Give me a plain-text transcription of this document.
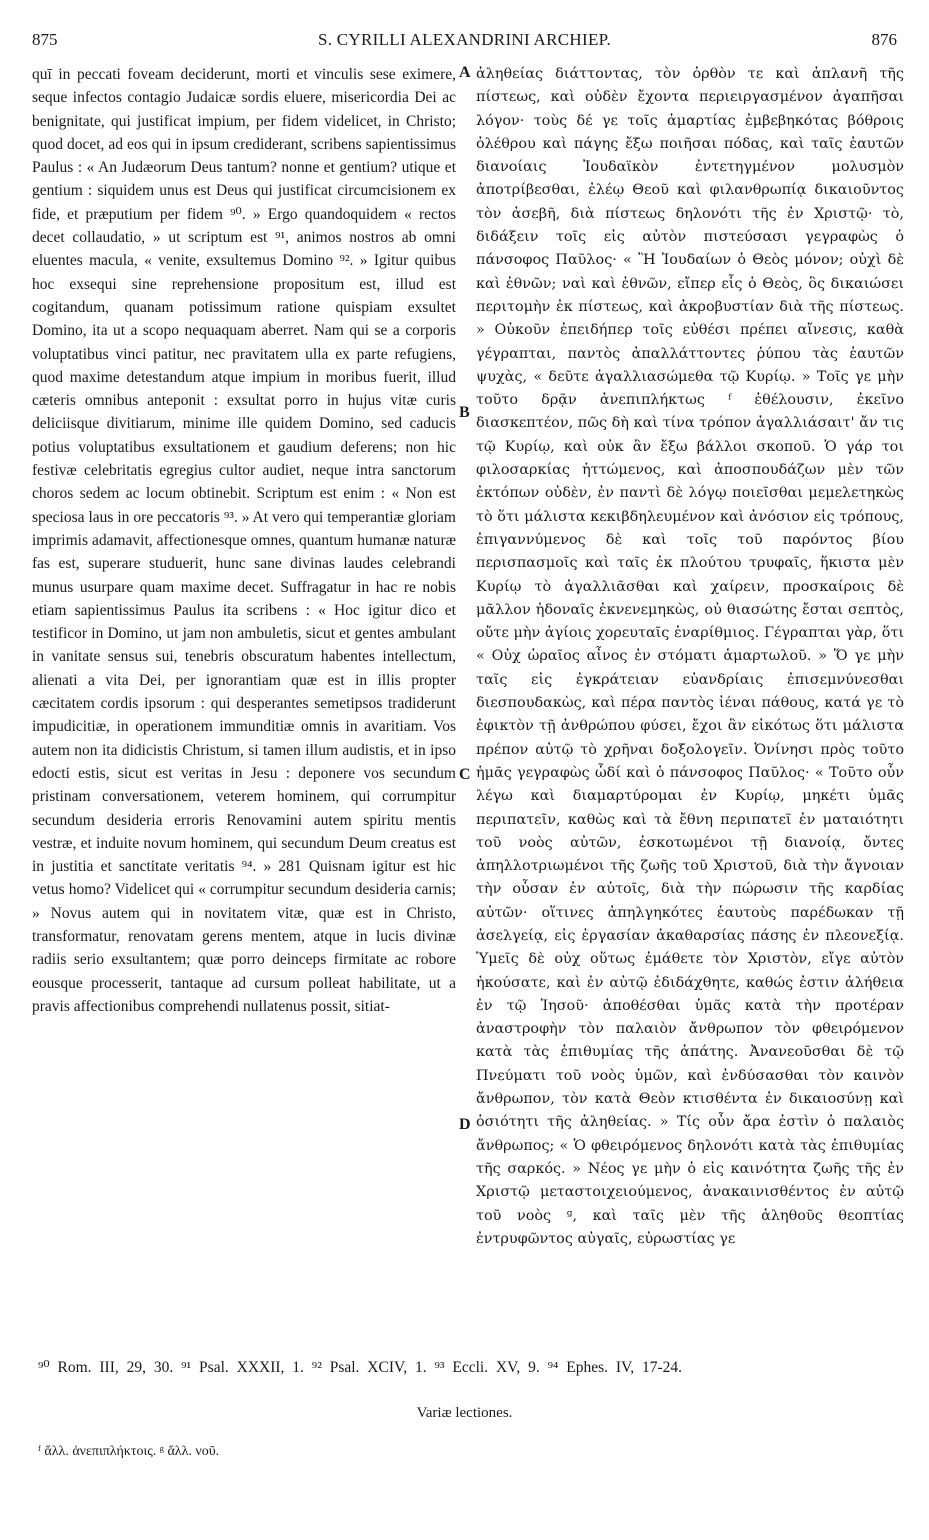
875	S. CYRILLI ALEXANDRINI ARCHIEP.	876

quī in peccati foveam deciderunt, morti et vinculis sese eximere, seque infectos contagio Judaicæ sordis eluere, misericordia Dei ac benignitate, qui justificat impium, per fidem videlicet, in Christo; quod docet, ad eos qui in ipsum crediderant, scribens sapientissimus Paulus : « An Judæorum Deus tantum? nonne et gentium? utique et gentium : siquidem unus est Deus qui justificat circumcisionem ex fide, et præputium per fidem ⁹⁰. » Ergo quandoquidem « rectos decet collaudatio, » ut scriptum est ⁹¹, animos nostros ab omni eluentes macula, « venite, exsultemus Domino ⁹². » Igitur quibus hoc exsequi sine reprehensione propositum est, illud est cogitandum, quanam potissimum ratione quispiam exsultet Domino, ita ut a scopo nequaquam aberret. Nam qui se a corporis voluptatibus vinci patitur, nec pravitatem ulla ex parte refugiens, quod maxime detestandum atque impium in moribus fuerit, illud cæteris omnibus anteponit : exsultat porro in hujus vitæ curis deliciisque divitiarum, minime ille quidem Domino, sed caducis potius voluptatibus exsultationem et gaudium deferens; non hic festivæ celebritatis egregius cultor audiet, neque intra sanctorum choros sedem ac locum obtinebit. Scriptum est enim : « Non est speciosa laus in ore peccatoris ⁹³. » At vero qui temperantiæ gloriam imprimis adamavit, affectionesque omnes, quantum humanæ naturæ fas est, superare studuerit, hunc sane divinas laudes celebrandi munus usurpare quam maxime decet. Suffragatur in hac re nobis etiam sapientissimus Paulus ita scribens : « Hoc igitur dico et testificor in Domino, ut jam non ambuletis, sicut et gentes ambulant in vanitate sensus sui, tenebris obscuratum habentes intellectum, alienati a vita Dei, per ignorantiam quæ est in illis propter cæcitatem cordis ipsorum : qui desperantes semetipsos tradiderunt impudicitiæ, in operationem immunditiæ omnis in avaritiam. Vos autem non ita didicistis Christum, si tamen illum audistis, et in ipso edocti estis, sicut est veritas in Jesu : deponere vos secundum pristinam conversationem, veterem hominem, qui corrumpitur secundum desideria erroris Renovamini autem spiritu mentis vestræ, et induite novum hominem, qui secundum Deum creatus est in justitia et sanctitate veritatis ⁹⁴. » 281 Quisnam igitur est hic vetus homo? Videlicet qui « corrumpitur secundum desideria carnis; » Novus autem qui in novitatem vitæ, quæ est in Christo, transformatur, renovatam gerens mentem, atque in lucis divinæ radiis serio exsultantem; quæ porro deinceps firmitate ac robore eousque processerit, tantaque ad cursum polleat habilitate, ut a pravis affectionibus comprehendi nullatenus possit, sitiat-

ἀληθείας διάττοντας, τὸν ὀρθὸν τε καὶ ἀπλανῆ τῆς πίστεως, καὶ οὐδὲν ἔχοντα περιειργασμένον ἀγαπῆσαι λόγον· τοὺς δέ γε τοῖς ἁμαρτίας ἐμβεβηκότας βόθροις ὀλέθρου καὶ πάγης ἔξω ποιῆσαι πόδας, καὶ ταῖς ἑαυτῶν διανοίαις Ἰουδαϊκὸν ἐντετηγμένον μολυσμὸν ἀποτρίβεσθαι, ἐλέῳ Θεοῦ καὶ φιλανθρωπίᾳ δικαιοῦντος τὸν ἀσεβῆ, διὰ πίστεως δηλονότι τῆς ἐν Χριστῷ· τὸ, διδάξειν τοῖς εἰς αὐτὸν πιστεύσασι γεγραφὼς ὁ πάνσοφος Παῦλος· « Ἢ Ἰουδαίων ὁ Θεὸς μόνον; οὐχὶ δὲ καὶ ἐθνῶν; ναὶ καὶ ἐθνῶν, εἴπερ εἷς ὁ Θεὸς, ὃς δικαιώσει περιτομὴν ἐκ πίστεως, καὶ ἀκροβυστίαν διὰ τῆς πίστεως. » Οὐκοῦν ἐπειδήπερ τοῖς εὐθέσι πρέπει αἴνεσις, καθὰ γέγραπται, παντὸς ἀπαλλάττοντες ῥύπου τὰς ἑαυτῶν ψυχὰς, « δεῦτε ἀγαλλιασώμεθα τῷ Κυρίῳ. » Τοῖς γε μὴν τοῦτο δρᾷν ἀνεπιπλήκτως ᶠ ἐθέλουσιν, ἐκεῖνο διασκεπτέον, πῶς δὴ καὶ τίνα τρόπον ἀγαλλιάσαιτ' ἄν τις τῷ Κυρίῳ, καὶ οὐκ ἂν ἔξω βάλλοι σκοποῦ. Ὁ γάρ τοι φιλοσαρκίας ἡττώμενος, καὶ ἀποσπουδάζων μὲν τῶν ἐκτόπων οὐδὲν, ἐν παντὶ δὲ λόγῳ ποιεῖσθαι μεμελετηκὼς τὸ ὅτι μάλιστα κεκιβδηλευμένον καὶ ἀνόσιον εἰς τρόπους, ἐπιγαννύμενος δὲ καὶ τοῖς τοῦ παρόντος βίου περισπασμοῖς καὶ ταῖς ἐκ πλούτου τρυφαῖς, ἥκιστα μὲν Κυρίῳ τὸ ἀγαλλιᾶσθαι καὶ χαίρειν, προσκαίροις δὲ μᾶλλον ἡδοναῖς ἐκνενεμηκὼς, οὐ θιασώτης ἔσται σεπτὸς, οὔτε μὴν ἁγίοις χορευταῖς ἐναρίθμιος. Γέγραπται γὰρ, ὅτι « Οὐχ ὡραῖος αἶνος ἐν στόματι ἁμαρτωλοῦ. » Ὅ γε μὴν ταῖς εἰς ἐγκράτειαν εὐανδρίαις ἐπισεμνύνεσθαι διεσπουδακὼς, καὶ πέρα παντὸς ἰέναι πάθους, κατά γε τὸ ἐφικτὸν τῇ ἀνθρώπου φύσει, ἔχοι ἂν εἰκότως ὅτι μάλιστα πρέπον αὐτῷ τὸ χρῆναι δοξολογεῖν. Ὀνίνησι πρὸς τοῦτο ἡμᾶς γεγραφὼς ὧδί καὶ ὁ πάνσοφος Παῦλος· « Τοῦτο οὖν λέγω καὶ διαμαρτύρομαι ἐν Κυρίῳ, μηκέτι ὑμᾶς περιπατεῖν, καθὼς καὶ τὰ ἔθνη περιπατεῖ ἐν ματαιότητι τοῦ νοὸς αὐτῶν, ἐσκοτωμένοι τῇ διανοίᾳ, ὄντες ἀπηλλοτριωμένοι τῆς ζωῆς τοῦ Χριστοῦ, διὰ τὴν ἄγνοιαν τὴν οὖσαν ἐν αὐτοῖς, διὰ τὴν πώρωσιν τῆς καρδίας αὐτῶν· οἵτινες ἀπηλγηκότες ἑαυτοὺς παρέδωκαν τῇ ἀσελγείᾳ, εἰς ἐργασίαν ἀκαθαρσίας πάσης ἐν πλεονεξίᾳ. Ὑμεῖς δὲ οὐχ οὕτως ἐμάθετε τὸν Χριστὸν, εἴγε αὐτὸν ἠκούσατε, καὶ ἐν αὐτῷ ἐδιδάχθητε, καθώς ἐστιν ἀλήθεια ἐν τῷ Ἰησοῦ· ἀποθέσθαι ὑμᾶς κατὰ τὴν προτέραν ἀναστροφὴν τὸν παλαιὸν ἄνθρωπον τὸν φθειρόμενον κατὰ τὰς ἐπιθυμίας τῆς ἀπάτης. Ἀνανεοῦσθαι δὲ τῷ Πνεύματι τοῦ νοὸς ὑμῶν, καὶ ἐνδύσασθαι τὸν καινὸν ἄνθρωπον, τὸν κατὰ Θεὸν κτισθέντα ἐν δικαιοσύνῃ καὶ ὁσιότητι τῆς ἀληθείας. » Τίς οὖν ἄρα ἐστὶν ὁ παλαιὸς ἄνθρωπος; « Ὁ φθειρόμενος δηλονότι κατὰ τὰς ἐπιθυμίας τῆς σαρκός. » Νέος γε μὴν ὁ εἰς καινότητα ζωῆς τῆς ἐν Χριστῷ μεταστοιχειούμενος, ἀνακαινισθέντος ἐν αὐτῷ τοῦ νοὸς ᵍ, καὶ ταῖς μὲν τῆς ἀληθοῦς θεοπτίας ἐντρυφῶντος αὐγαῖς, εὐρωστίας γε

A
B
C
D
⁹⁰ Rom. III, 29, 30. ⁹¹ Psal. XXXII, 1. ⁹² Psal. XCIV, 1. ⁹³ Eccli. XV, 9. ⁹⁴ Ephes. IV, 17-24.
Variæ lectiones.
ᶠ ἄλλ. ἀνεπιπλήκτοις. ᵍ ἄλλ. νοῦ.
